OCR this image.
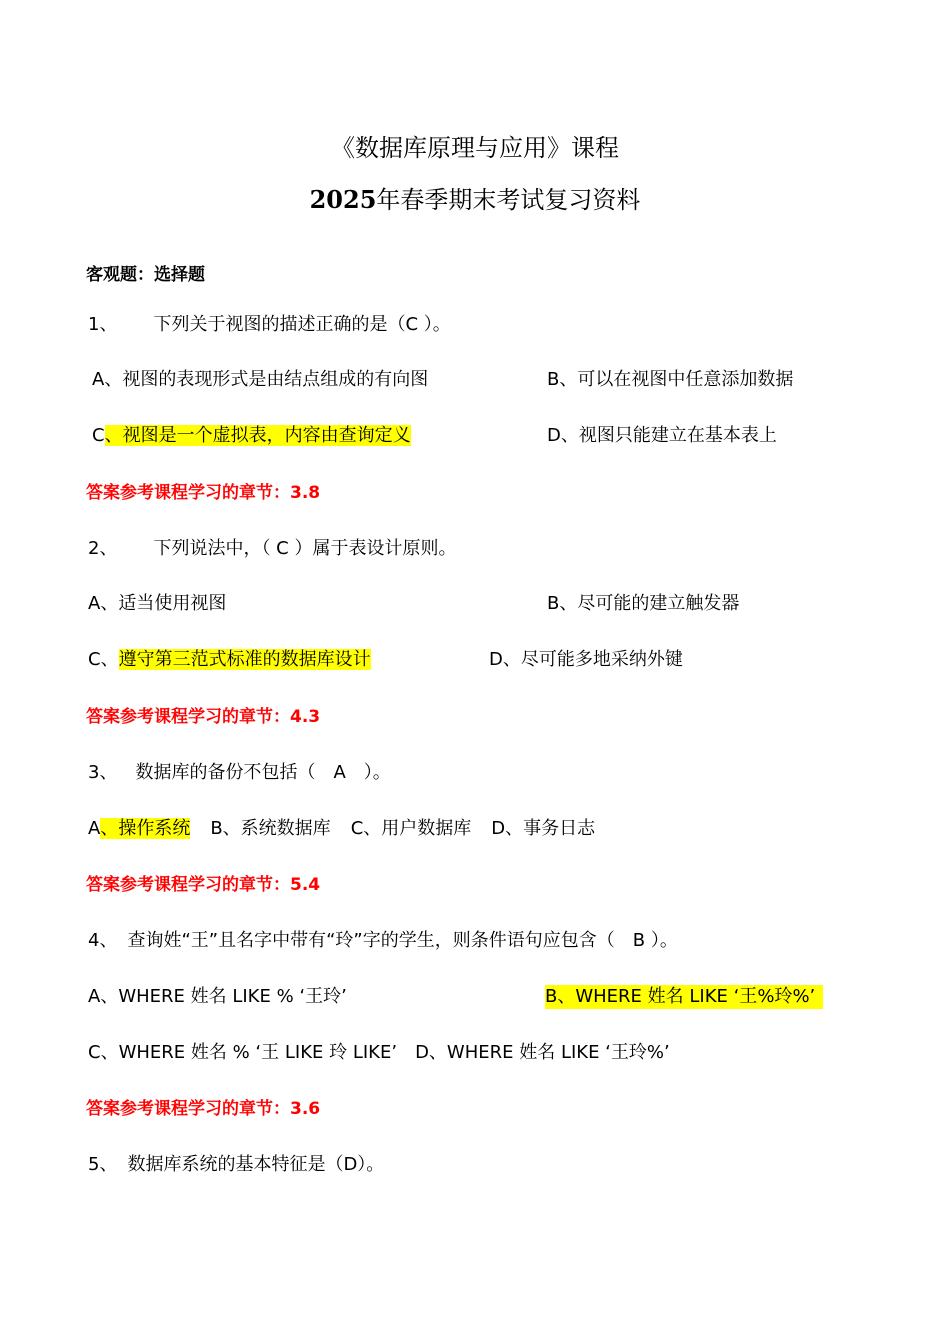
《数据库原理与应用》课程
2025年春季期末考试复习资料
客观题：选择题
1、 下列关于视图的描述正确的是（C ）。
A、视图的表现形式是由结点组成的有向图	B、可以在视图中任意添加数据
C、视图是一个虚拟表，内容由查询定义	D、视图只能建立在基本表上
答案参考课程学习的章节：3.8
2、 下列说法中，（ C ）属于表设计原则。
A、适当使用视图	B、尽可能的建立触发器
C、遵守第三范式标准的数据库设计	D、尽可能多地采纳外键
答案参考课程学习的章节：4.3
3、 数据库的备份不包括（　A　）。
A、操作系统 B、系统数据库 C、用户数据库 D、事务日志
答案参考课程学习的章节：5.4
4、 查询姓“王”且名字中带有“玲”字的学生，则条件语句应包含（　B ）。
A、WHERE 姓名 LIKE % ‘王玲’	B、WHERE 姓名 LIKE ‘王%玲%’
C、WHERE 姓名 % ‘王 LIKE 玲 LIKE’ D、WHERE 姓名 LIKE ‘王玲%’
答案参考课程学习的章节：3.6
5、 数据库系统的基本特征是（D）。
